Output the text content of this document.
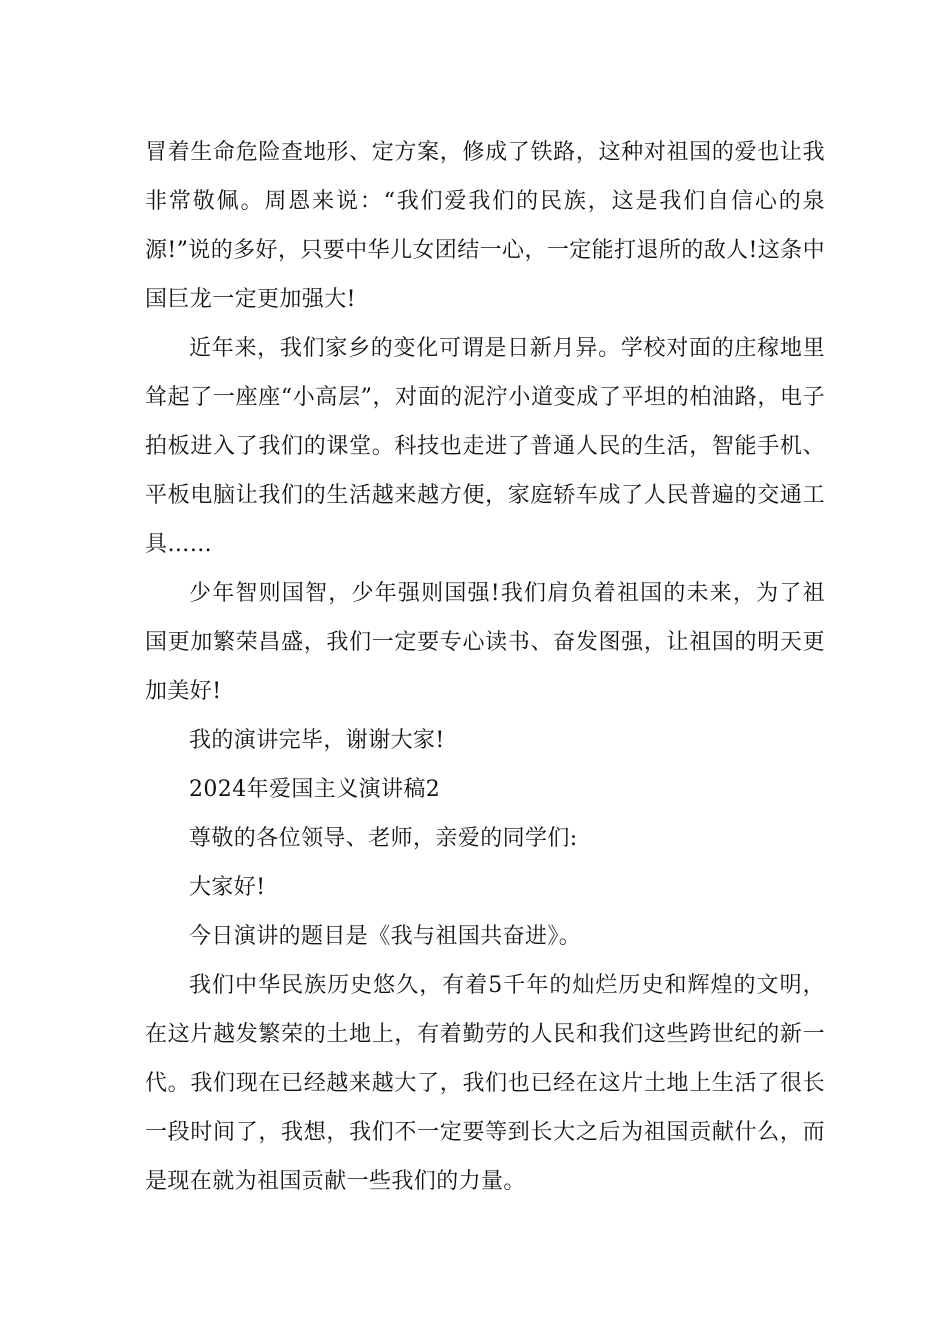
冒着生命危险查地形、定方案，修成了铁路，这种对祖国的爱也让我非常敬佩。周恩来说：“我们爱我们的民族，这是我们自信心的泉源!”说的多好，只要中华儿女团结一心，一定能打退所的敌人!这条中国巨龙一定更加强大!

近年来，我们家乡的变化可谓是日新月异。学校对面的庄稼地里耸起了一座座“小高层”，对面的泥泞小道变成了平坦的柏油路，电子拍板进入了我们的课堂。科技也走进了普通人民的生活，智能手机、平板电脑让我们的生活越来越方便，家庭轿车成了人民普遍的交通工具……

少年智则国智，少年强则国强!我们肩负着祖国的未来，为了祖国更加繁荣昌盛，我们一定要专心读书、奋发图强，让祖国的明天更加美好!

我的演讲完毕，谢谢大家!

2024年爱国主义演讲稿2

尊敬的各位领导、老师，亲爱的同学们:

大家好!

今日演讲的题目是《我与祖国共奋进》。

我们中华民族历史悠久，有着5千年的灿烂历史和辉煌的文明，在这片越发繁荣的土地上，有着勤劳的人民和我们这些跨世纪的新一代。我们现在已经越来越大了，我们也已经在这片土地上生活了很长一段时间了，我想，我们不一定要等到长大之后为祖国贡献什么，而是现在就为祖国贡献一些我们的力量。
